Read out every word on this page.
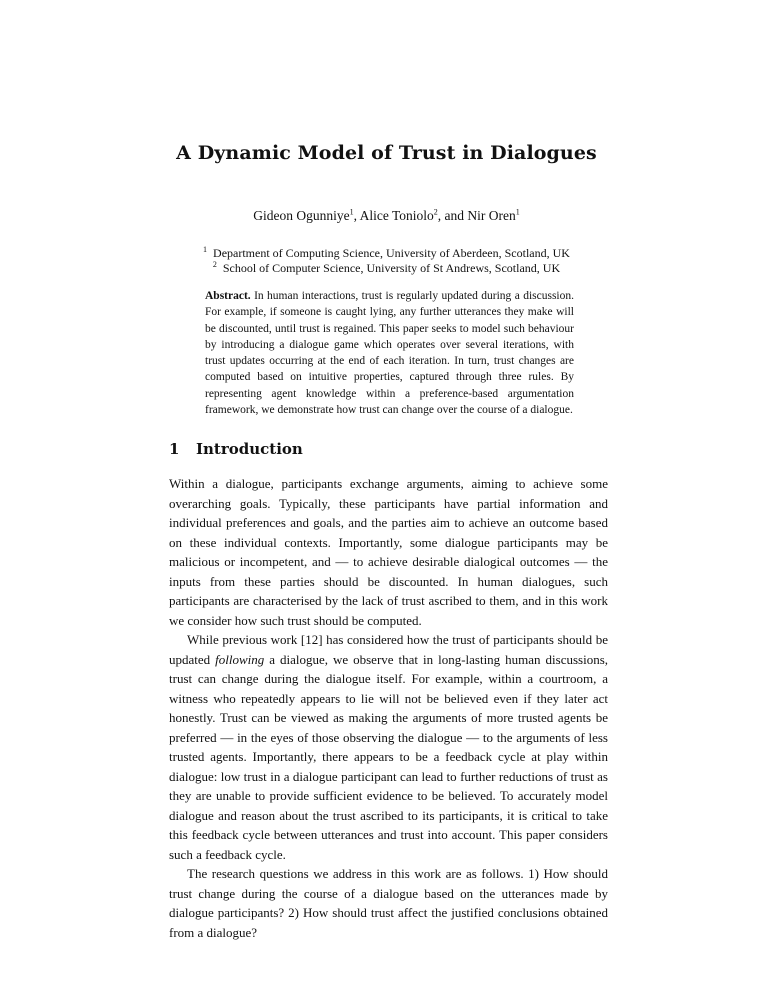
A Dynamic Model of Trust in Dialogues
Gideon Ogunniye$^1$, Alice Toniolo$^2$, and Nir Oren$^1$
$^1$ Department of Computing Science, University of Aberdeen, Scotland, UK
$^2$ School of Computer Science, University of St Andrews, Scotland, UK
Abstract. In human interactions, trust is regularly updated during a discussion. For example, if someone is caught lying, any further utterances they make will be discounted, until trust is regained. This paper seeks to model such behaviour by introducing a dialogue game which operates over several iterations, with trust updates occurring at the end of each iteration. In turn, trust changes are computed based on intuitive properties, captured through three rules. By representing agent knowledge within a preference-based argumentation framework, we demonstrate how trust can change over the course of a dialogue.
1 Introduction

Within a dialogue, participants exchange arguments, aiming to achieve some overarching goals. Typically, these participants have partial information and individual preferences and goals, and the parties aim to achieve an outcome based on these individual contexts. Importantly, some dialogue participants may be malicious or incompetent, and — to achieve desirable dialogical outcomes — the inputs from these parties should be discounted. In human dialogues, such participants are characterised by the lack of trust ascribed to them, and in this work we consider how such trust should be computed.

While previous work [12] has considered how the trust of participants should be updated following a dialogue, we observe that in long-lasting human discussions, trust can change during the dialogue itself. For example, within a courtroom, a witness who repeatedly appears to lie will not be believed even if they later act honestly. Trust can be viewed as making the arguments of more trusted agents be preferred — in the eyes of those observing the dialogue — to the arguments of less trusted agents. Importantly, there appears to be a feedback cycle at play within dialogue: low trust in a dialogue participant can lead to further reductions of trust as they are unable to provide sufficient evidence to be believed. To accurately model dialogue and reason about the trust ascribed to its participants, it is critical to take this feedback cycle between utterances and trust into account. This paper considers such a feedback cycle.

The research questions we address in this work are as follows. 1) How should trust change during the course of a dialogue based on the utterances made by dialogue participants? 2) How should trust affect the justified conclusions obtained from a dialogue?
